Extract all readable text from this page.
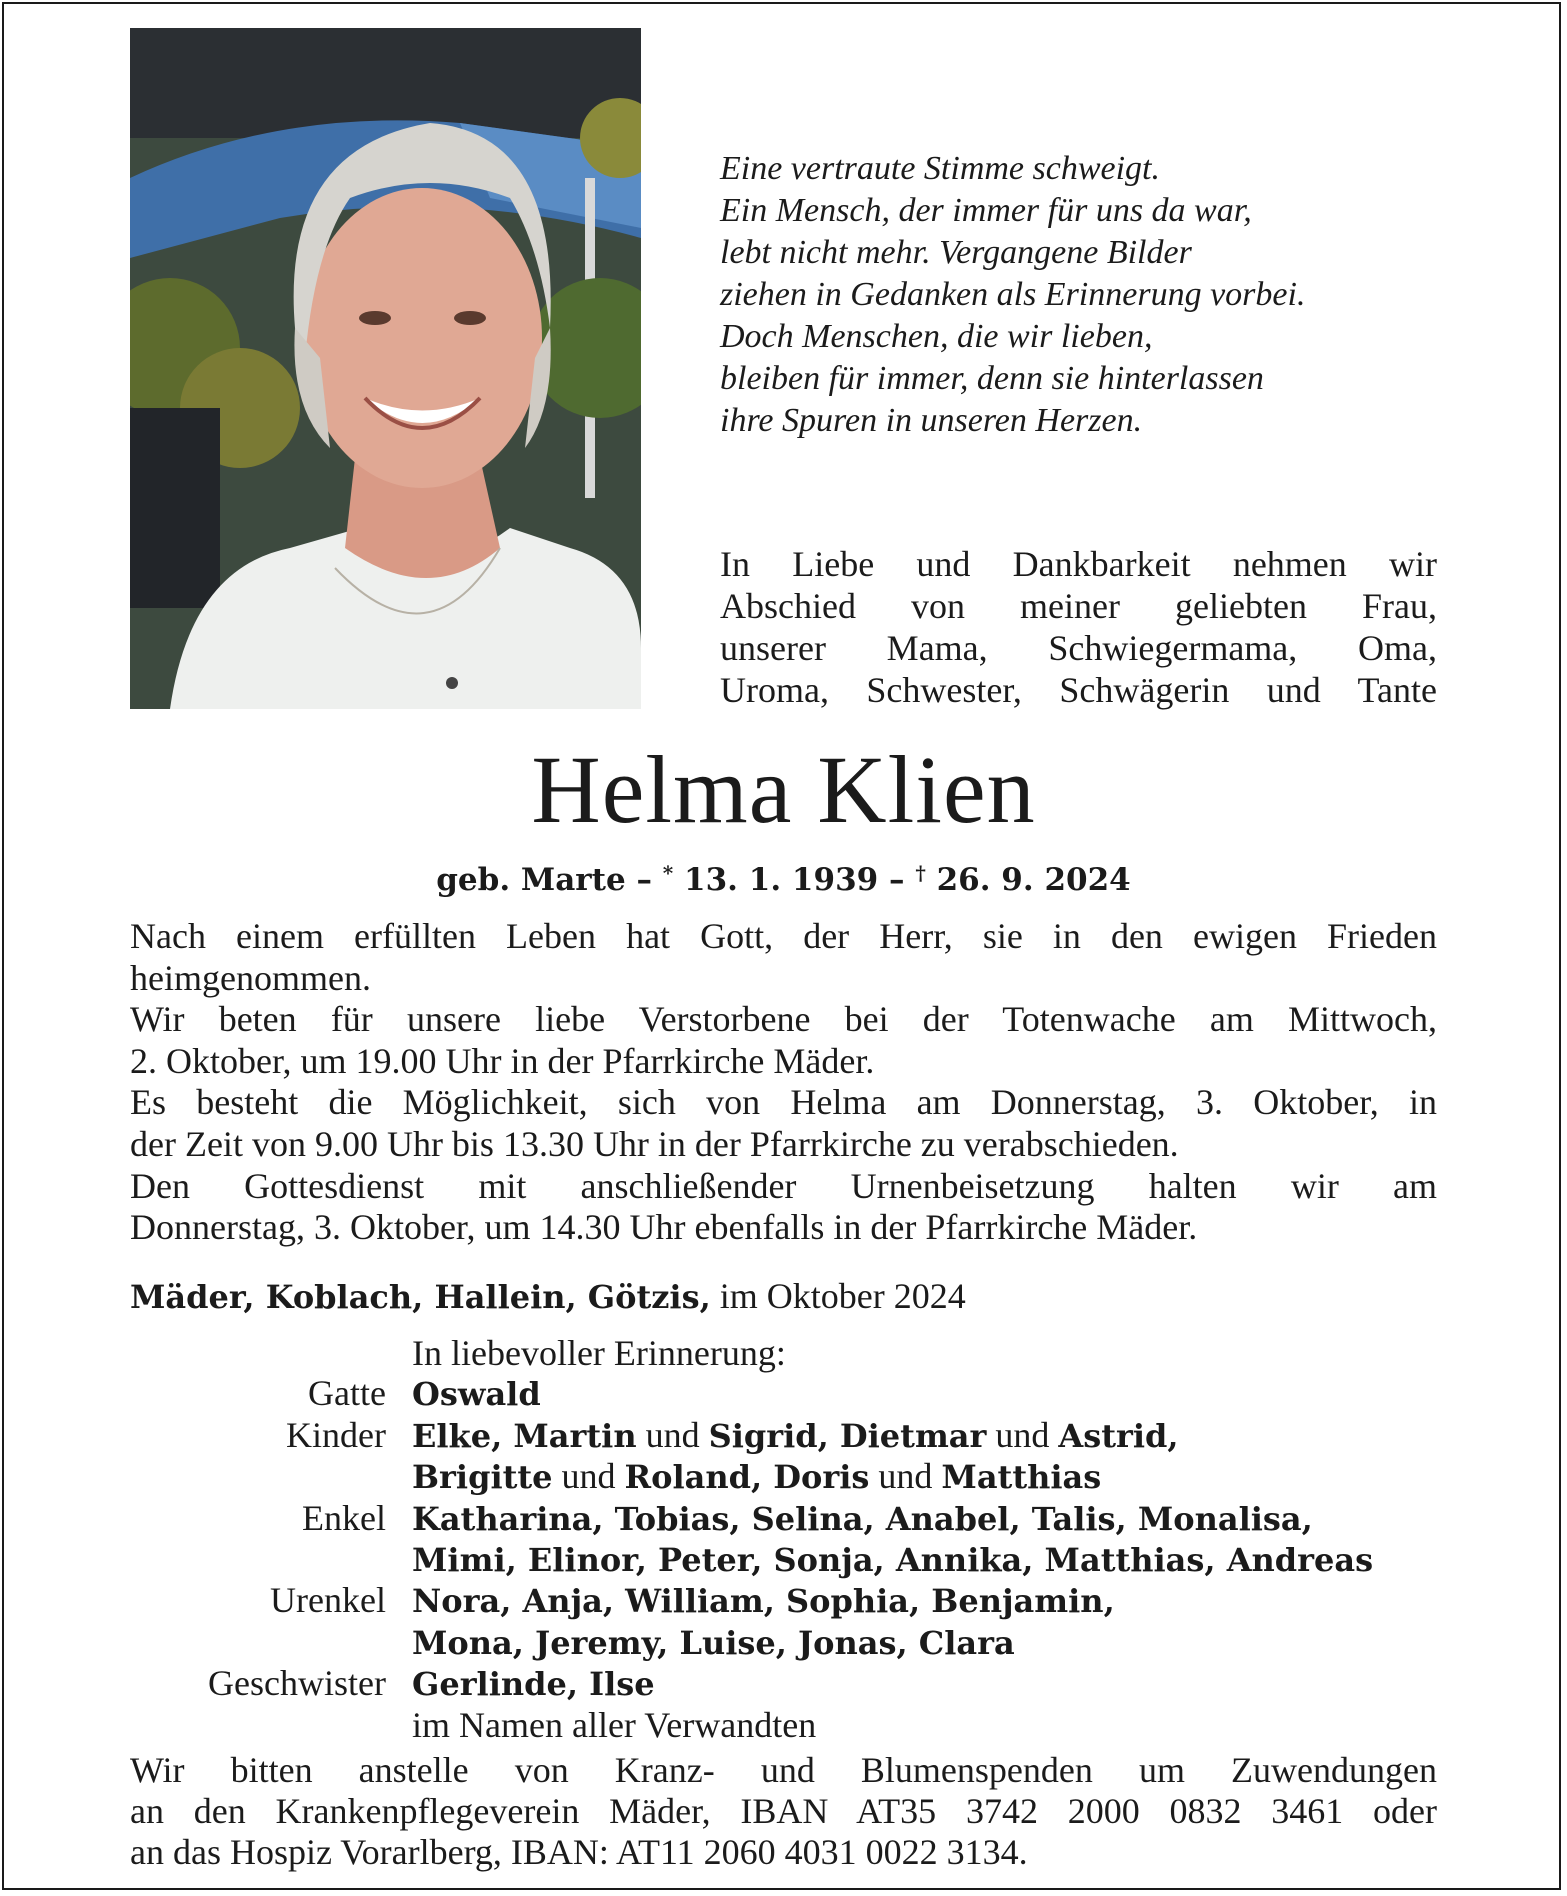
Eine vertraute Stimme schweigt.
Ein Mensch, der immer für uns da war,
lebt nicht mehr. Vergangene Bilder
ziehen in Gedanken als Erinnerung vorbei.
Doch Menschen, die wir lieben,
bleiben für immer, denn sie hinterlassen
ihre Spuren in unseren Herzen.
In Liebe und Dankbarkeit nehmen wir
Abschied von meiner geliebten Frau,
unserer Mama, Schwiegermama, Oma,
Uroma, Schwester, Schwägerin und Tante
Helma Klien
geb. Marte – * 13. 1. 1939 – † 26. 9. 2024
Nach einem erfüllten Leben hat Gott, der Herr, sie in den ewigen Frieden
heimgenommen.
Wir beten für unsere liebe Verstorbene bei der Totenwache am Mittwoch,
2. Oktober, um 19.00 Uhr in der Pfarrkirche Mäder.
Es besteht die Möglichkeit, sich von Helma am Donnerstag, 3. Oktober, in
der Zeit von 9.00 Uhr bis 13.30 Uhr in der Pfarrkirche zu verabschieden.
Den Gottesdienst mit anschließender Urnenbeisetzung halten wir am
Donnerstag, 3. Oktober, um 14.30 Uhr ebenfalls in der Pfarrkirche Mäder.
Mäder, Koblach, Hallein, Götzis, im Oktober 2024
In liebevoller Erinnerung:
Gatte Oswald
Kinder Elke, Martin und Sigrid, Dietmar und Astrid,
Brigitte und Roland, Doris und Matthias
Enkel Katharina, Tobias, Selina, Anabel, Talis, Monalisa,
Mimi, Elinor, Peter, Sonja, Annika, Matthias, Andreas
Urenkel Nora, Anja, William, Sophia, Benjamin,
Mona, Jeremy, Luise, Jonas, Clara
Geschwister Gerlinde, Ilse
im Namen aller Verwandten
Wir bitten anstelle von Kranz- und Blumenspenden um Zuwendungen
an den Krankenpflegeverein Mäder, IBAN AT35 3742 2000 0832 3461 oder
an das Hospiz Vorarlberg, IBAN: AT11 2060 4031 0022 3134.
